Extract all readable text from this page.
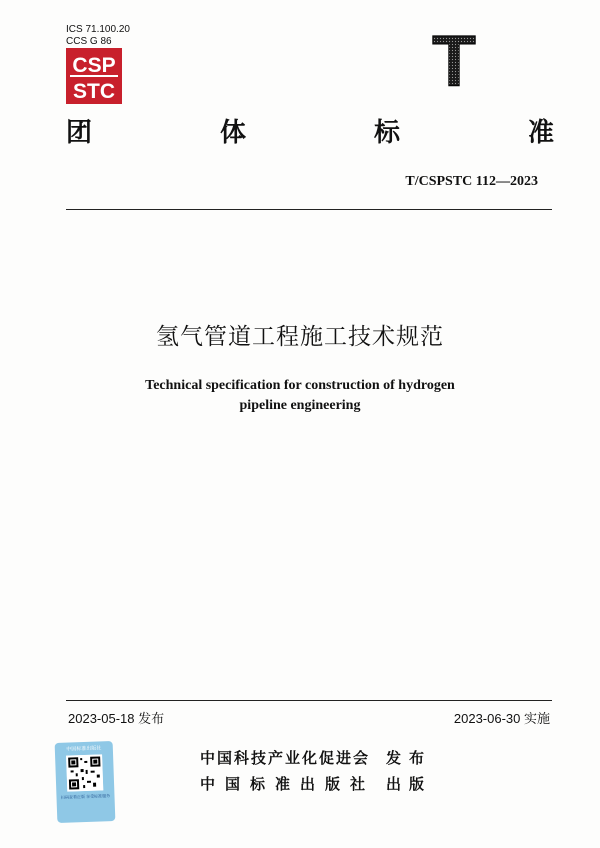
ICS 71.100.20
CCS G 86
CSP
STC	T
团	体	标	准
T/CSPSTC 112—2023
氢气管道工程施工技术规范
Technical specification for construction of hydrogen
pipeline engineering
2023-05-18 发布	2023-06-30 实施
中国标准出版社
扫码查看正版 享受标准服务
中国科技产业化促进会	发布
中国标准出版社 出版
